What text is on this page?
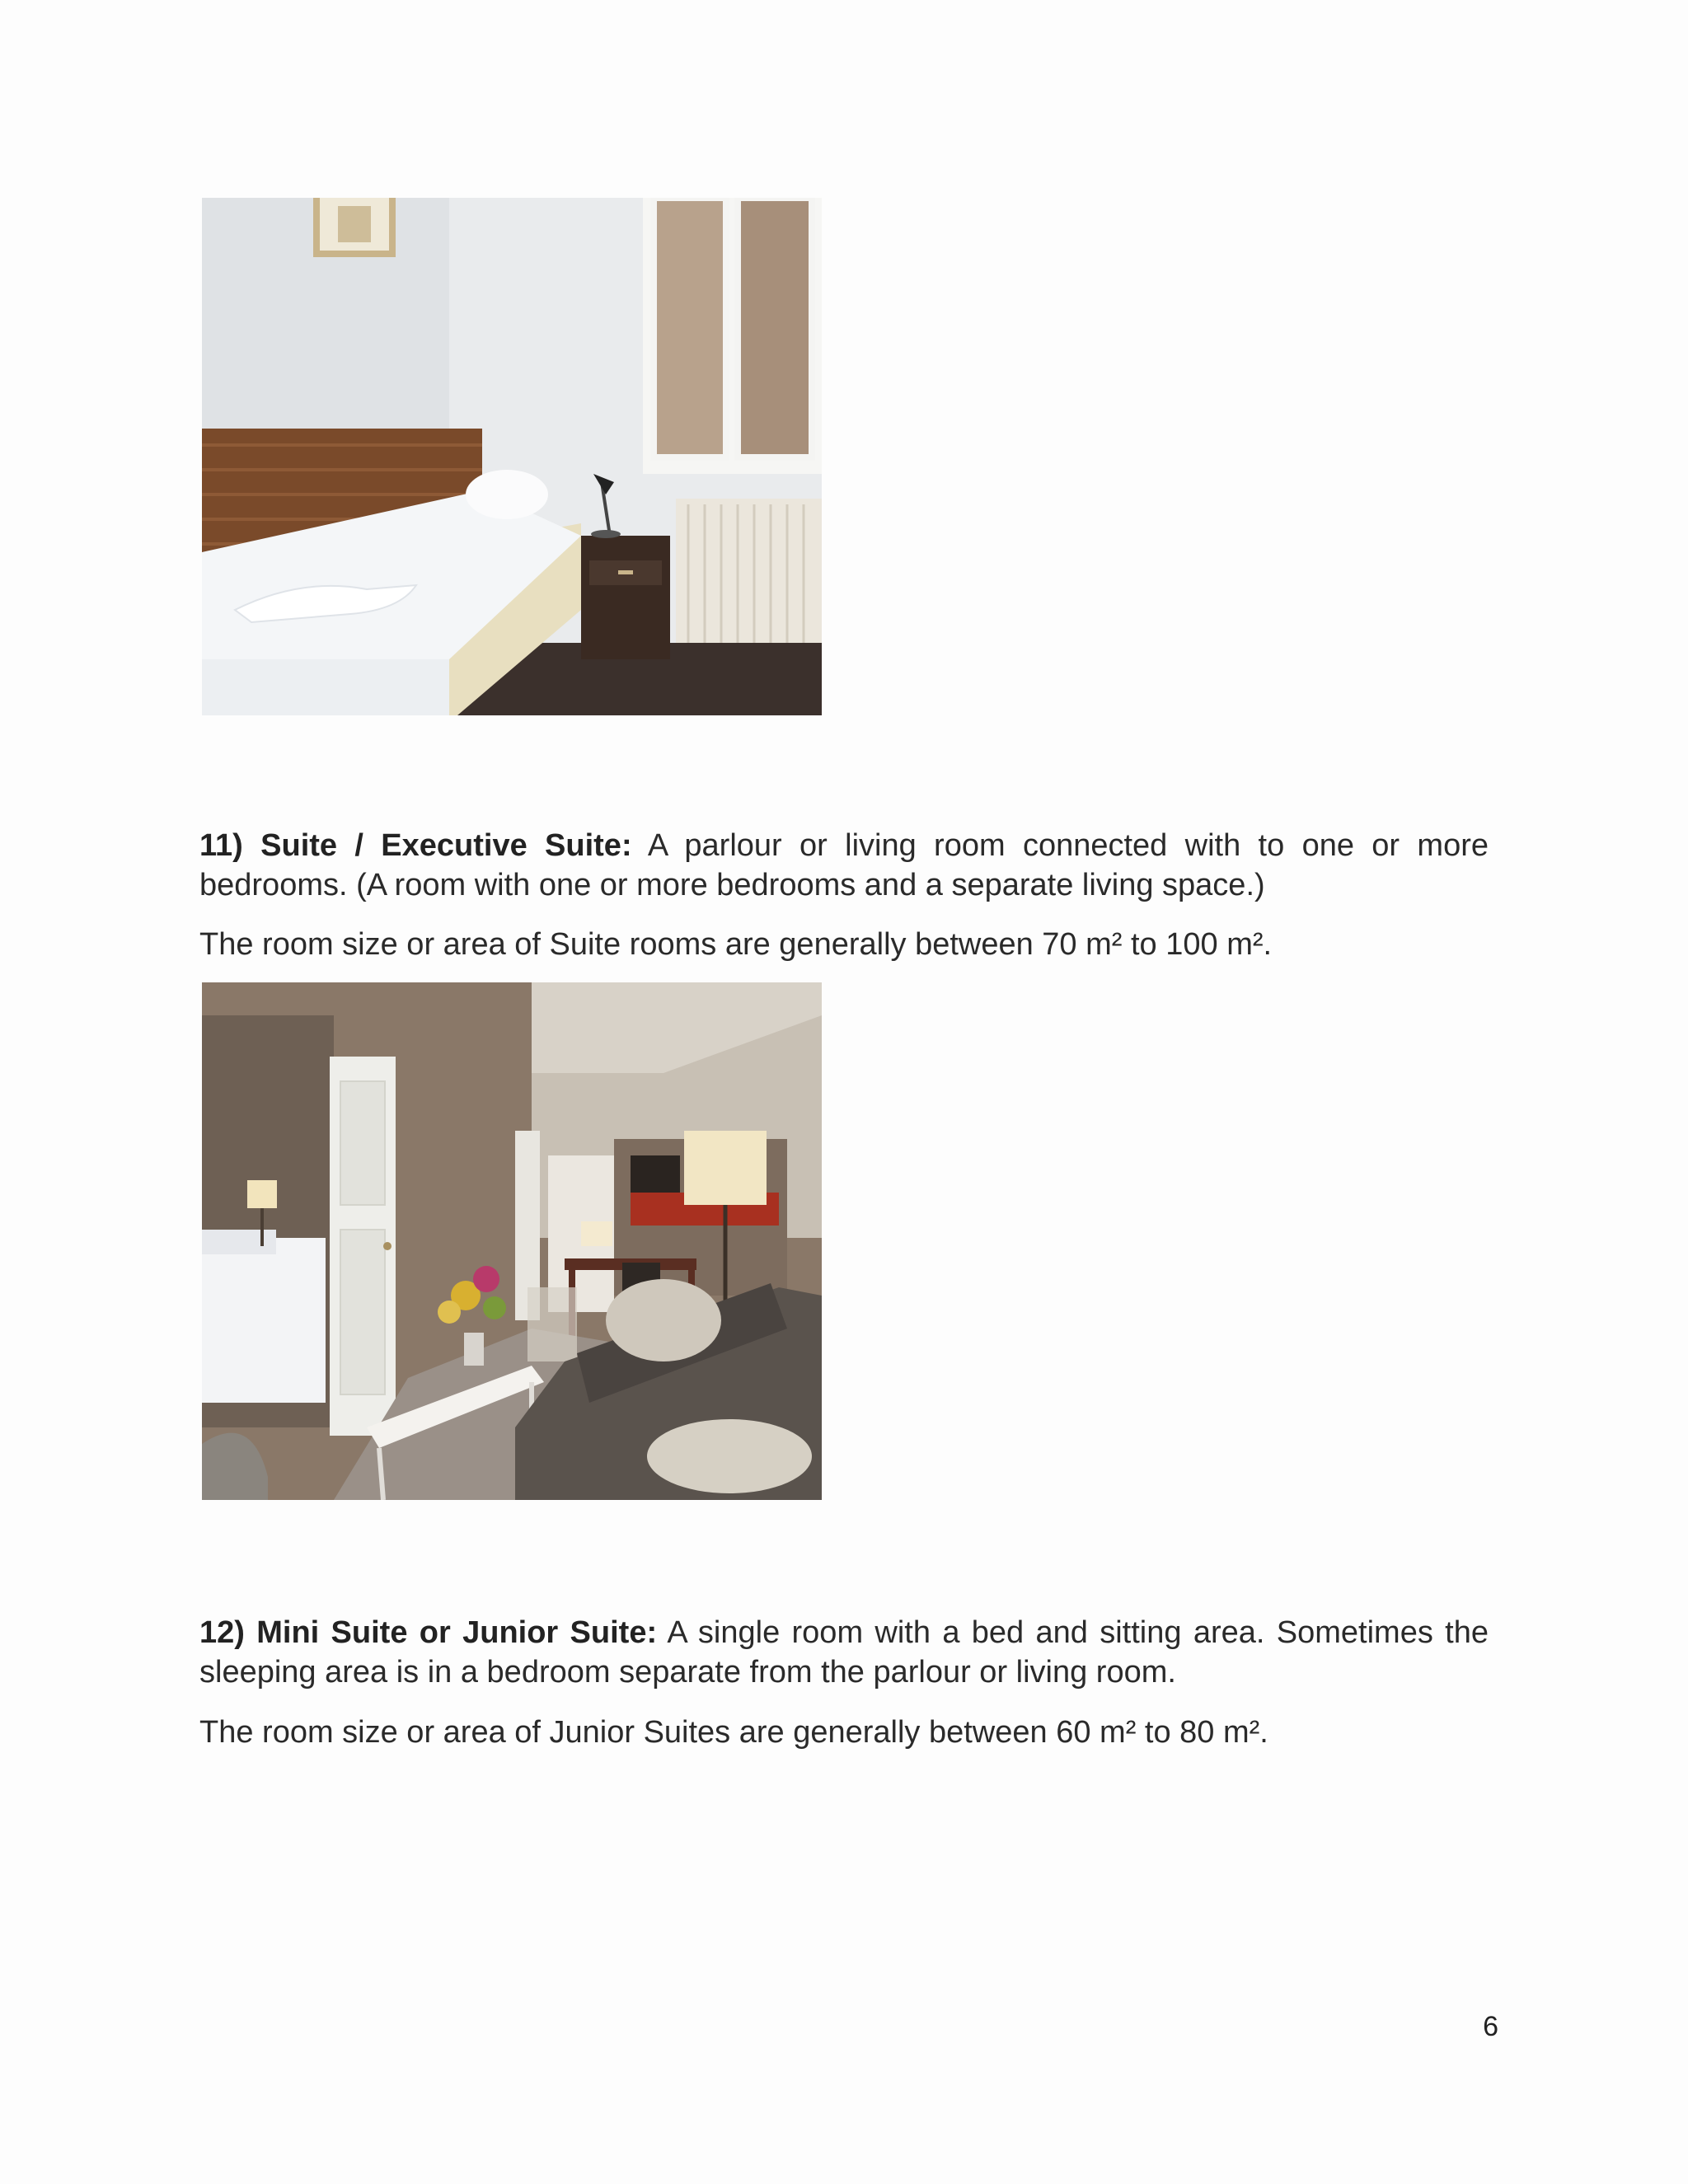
11) Suite / Executive Suite: A parlour or living room connected with to one or more bedrooms. (A room with one or more bedrooms and a separate living space.)

The room size or area of Suite rooms are generally between 70 m² to 100 m².

12) Mini Suite or Junior Suite: A single room with a bed and sitting area. Sometimes the sleeping area is in a bedroom separate from the parlour or living room.

The room size or area of Junior Suites are generally between 60 m² to 80 m².

6
